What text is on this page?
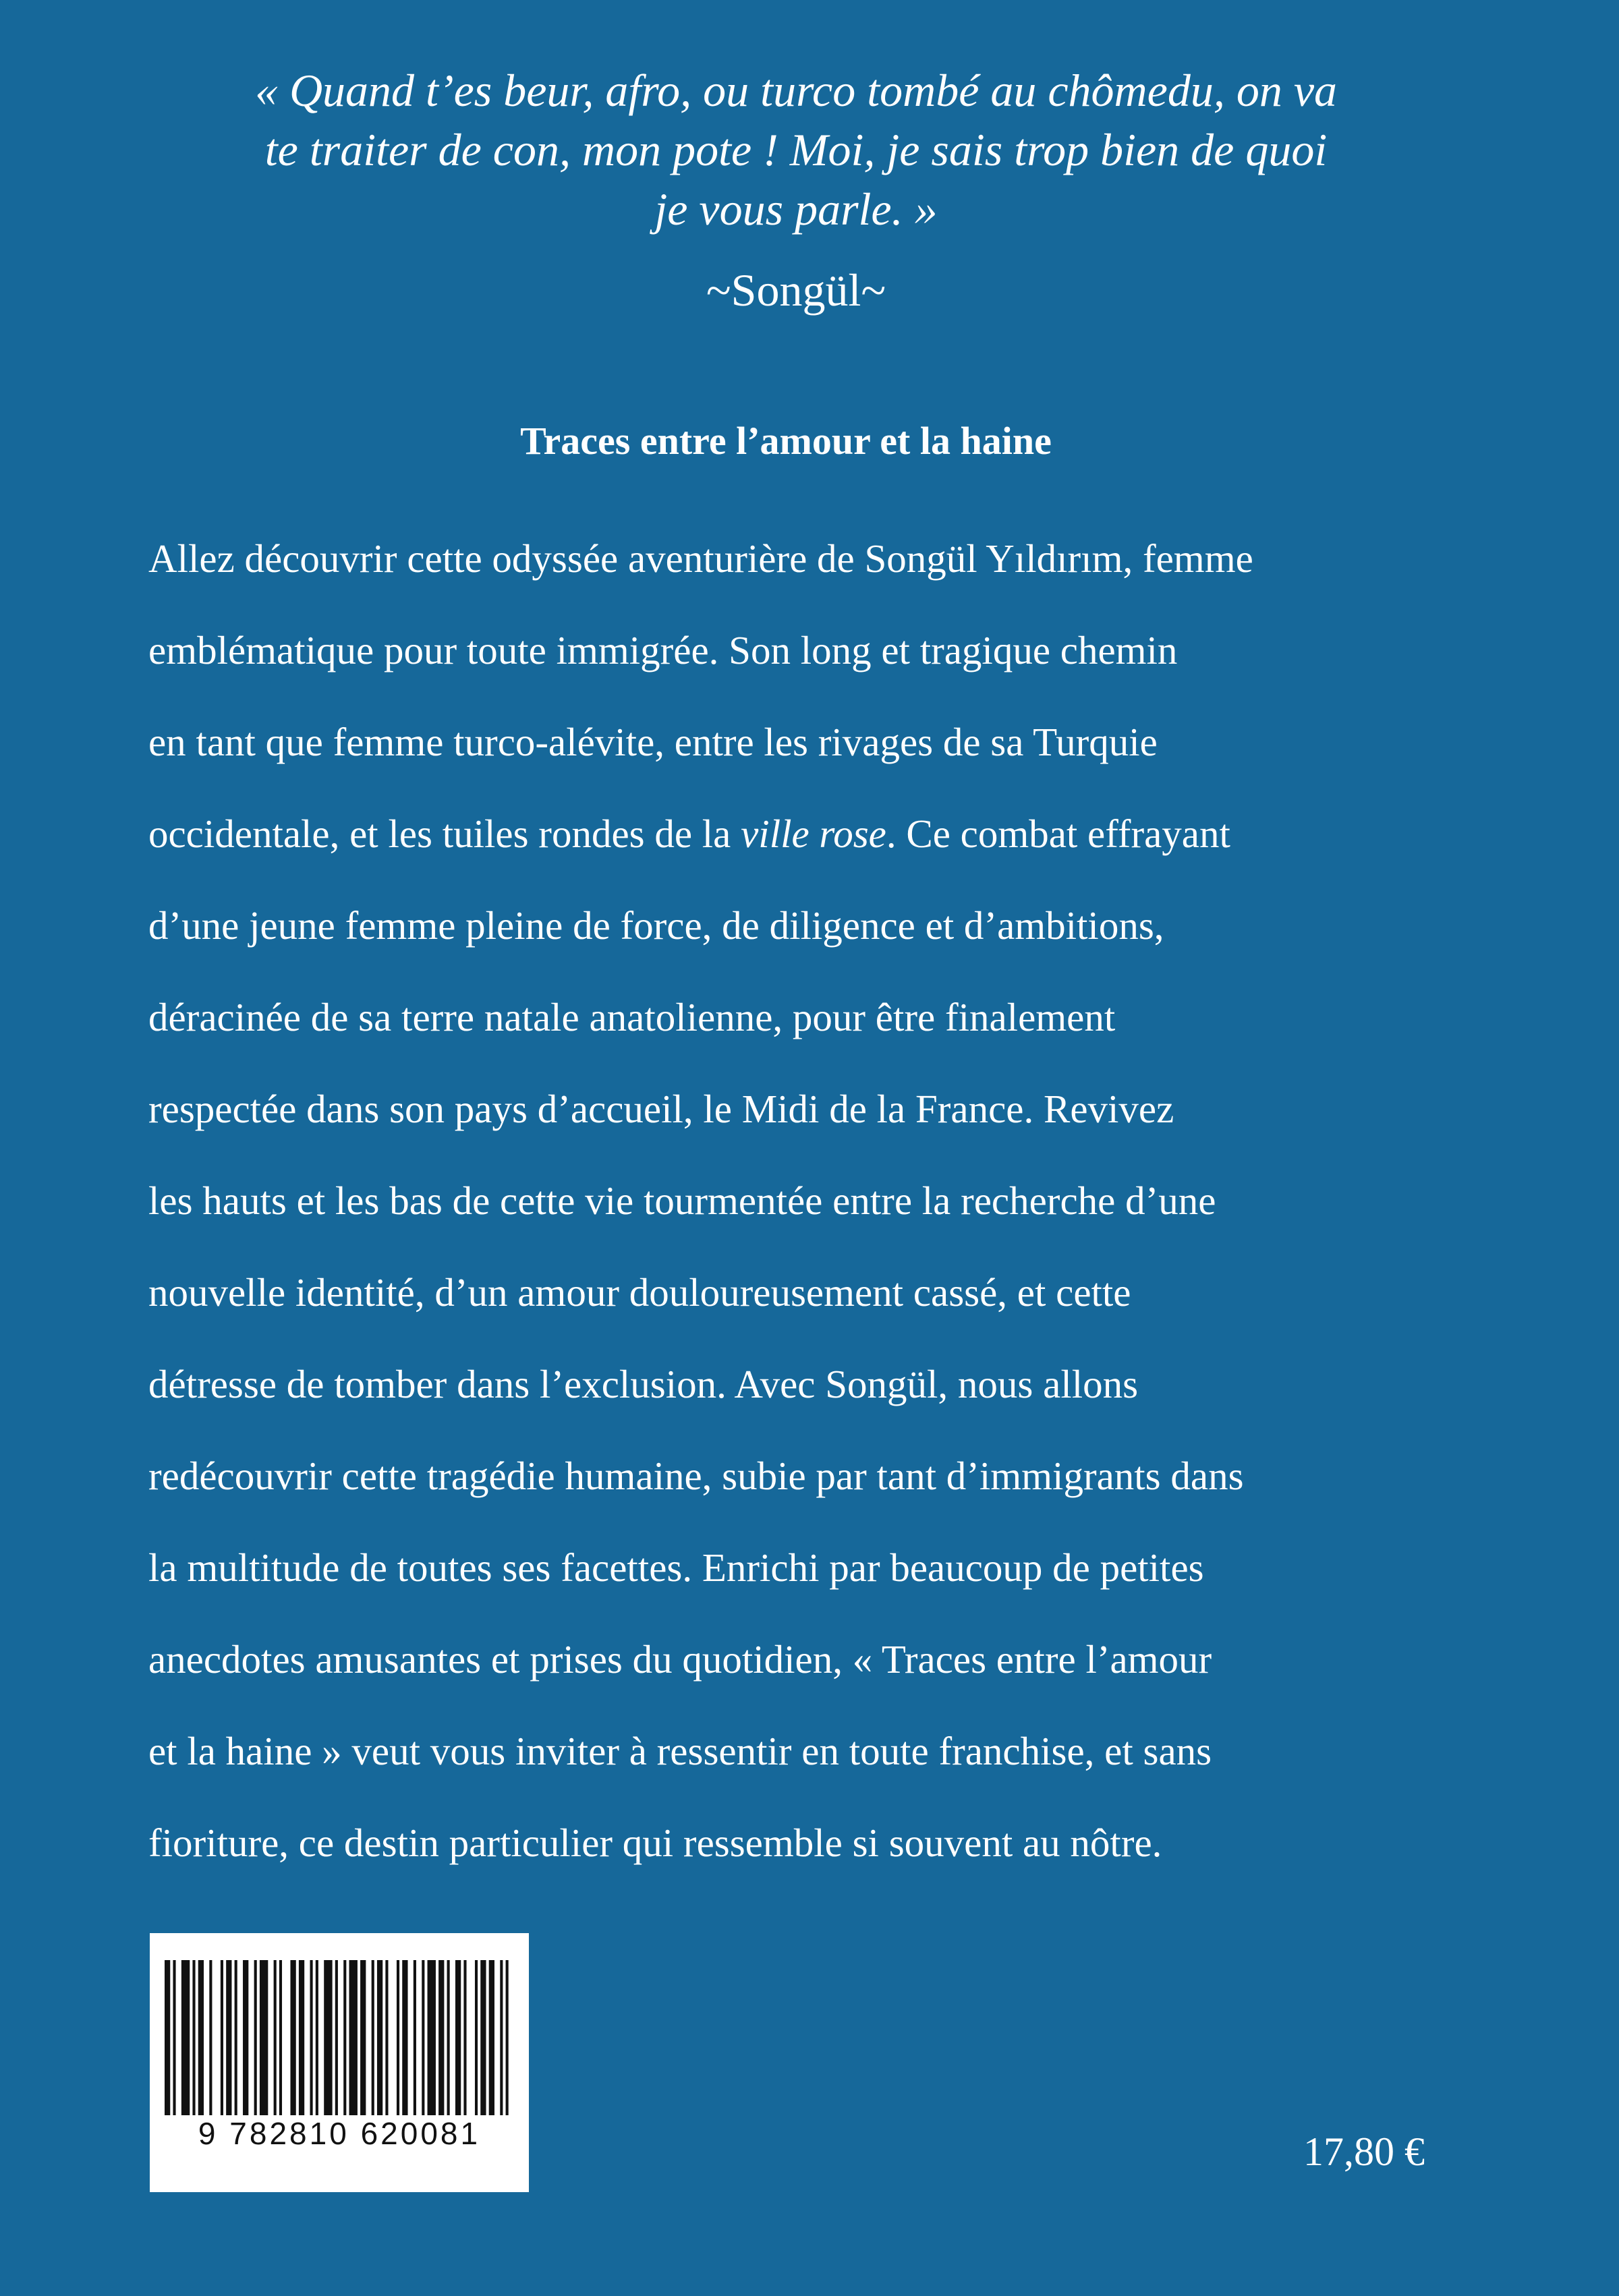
« Quand t’es beur, afro, ou turco tombé au chômedu, on va
te traiter de con, mon pote ! Moi, je sais trop bien de quoi
je vous parle. »
~Songül~
Traces entre l’amour et la haine
Allez découvrir cette odyssée aventurière de Songül Yıldırım, femme
emblématique pour toute immigrée. Son long et tragique chemin
en tant que femme turco-alévite, entre les rivages de sa Turquie
occidentale, et les tuiles rondes de la ville rose. Ce combat effrayant
d’une jeune femme pleine de force, de diligence et d’ambitions,
déracinée de sa terre natale anatolienne, pour être finalement
respectée dans son pays d’accueil, le Midi de la France. Revivez
les hauts et les bas de cette vie tourmentée entre la recherche d’une
nouvelle identité, d’un amour douloureusement cassé, et cette
détresse de tomber dans l’exclusion. Avec Songül, nous allons
redécouvrir cette tragédie humaine, subie par tant d’immigrants dans
la multitude de toutes ses facettes. Enrichi par beaucoup de petites
anecdotes amusantes et prises du quotidien, « Traces entre l’amour
et la haine » veut vous inviter à ressentir en toute franchise, et sans
fioriture, ce destin particulier qui ressemble si souvent au nôtre.
9 782810 620081	17,80 €
